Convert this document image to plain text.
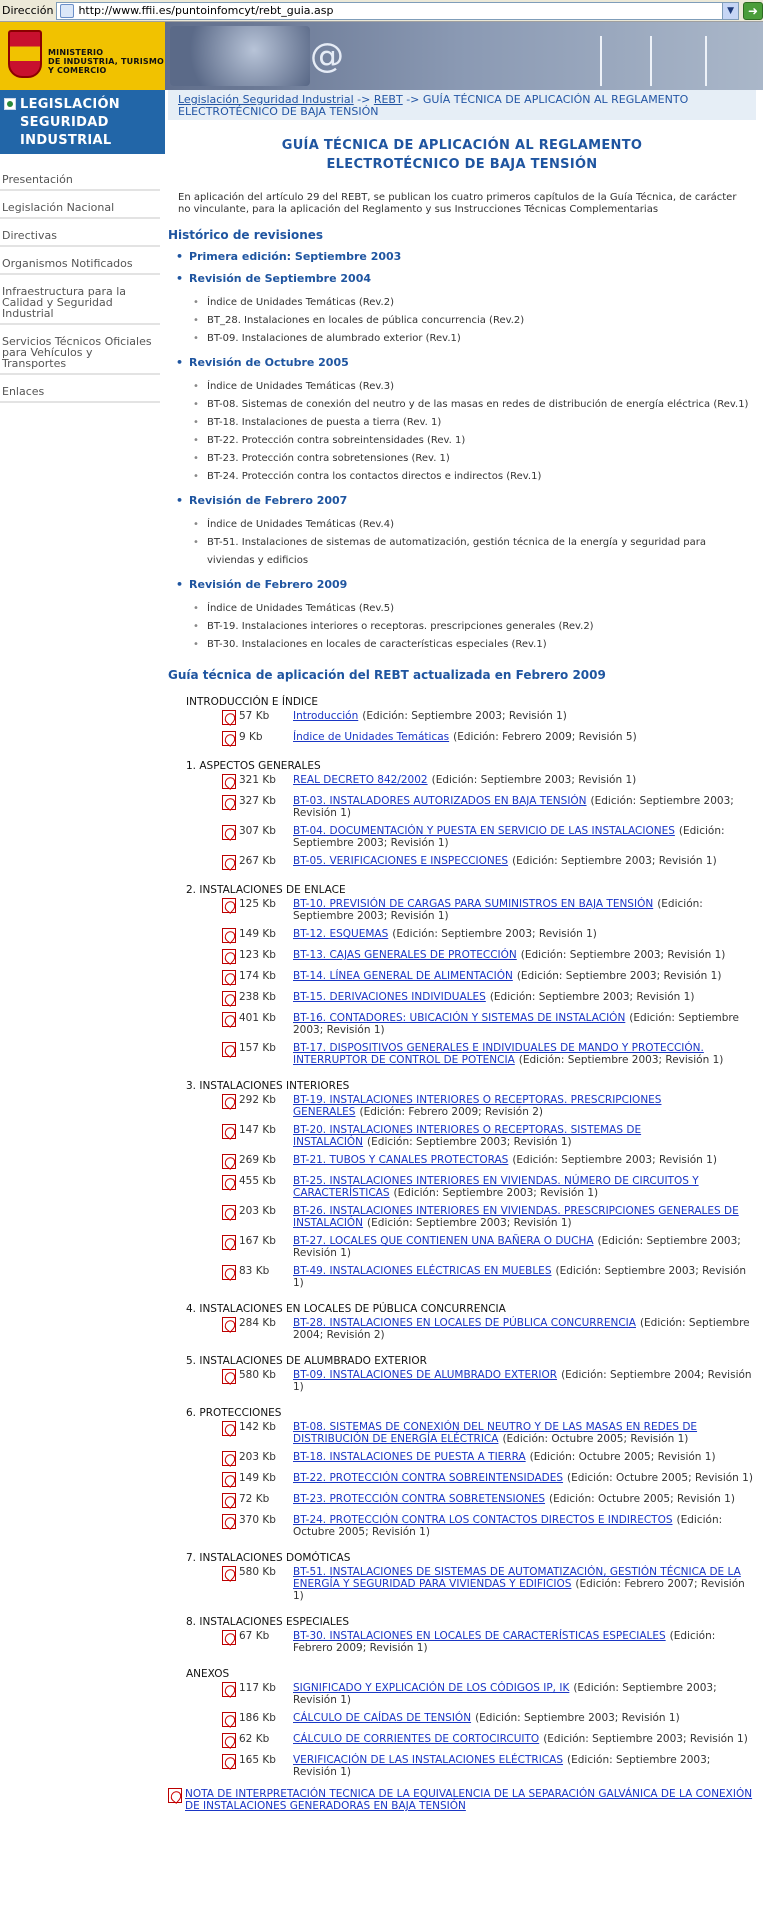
Dirección http://www.ffii.es/puntoinfomcyt/rebt_guia.asp	▼	➜
MINISTERIO
DE INDUSTRIA, TURISMO
Y COMERCIO	@
LEGISLACIÓN
SEGURIDAD
INDUSTRIAL
Presentación
Legislación Nacional
Directivas
Organismos Notificados
Infraestructura para la Calidad y Seguridad Industrial
Servicios Técnicos Oficiales para Vehículos y Transportes
Enlaces
Legislación Seguridad Industrial -> REBT -> GUÍA TÉCNICA DE APLICACIÓN AL REGLAMENTO ELECTROTÉCNICO DE BAJA TENSIÓN
GUÍA TÉCNICA DE APLICACIÓN AL REGLAMENTO
ELECTROTÉCNICO DE BAJA TENSIÓN

En aplicación del artículo 29 del REBT, se publican los cuatro primeros capítulos de la Guía Técnica, de carácter no vinculante, para la aplicación del Reglamento y sus Instrucciones Técnicas Complementarias

Histórico de revisiones
• Primera edición: Septiembre 2003
• Revisión de Septiembre 2004
• Índice de Unidades Temáticas (Rev.2)
• BT_28. Instalaciones en locales de pública concurrencia (Rev.2)
• BT-09. Instalaciones de alumbrado exterior (Rev.1)
• Revisión de Octubre 2005
• Índice de Unidades Temáticas (Rev.3)
• BT-08. Sistemas de conexión del neutro y de las masas en redes de distribución de energía eléctrica (Rev.1)
• BT-18. Instalaciones de puesta a tierra (Rev. 1)
• BT-22. Protección contra sobreintensidades (Rev. 1)
• BT-23. Protección contra sobretensiones (Rev. 1)
• BT-24. Protección contra los contactos directos e indirectos (Rev.1)
• Revisión de Febrero 2007
• Índice de Unidades Temáticas (Rev.4)
• BT-51. Instalaciones de sistemas de automatización, gestión técnica de la energía y seguridad para viviendas y edificios
• Revisión de Febrero 2009
• Índice de Unidades Temáticas (Rev.5)
• BT-19. Instalaciones interiores o receptoras. prescripciones generales (Rev.2)
• BT-30. Instalaciones en locales de características especiales (Rev.1)
Guía técnica de aplicación del REBT actualizada en Febrero 2009
INTRODUCCIÓN E ÍNDICE
57 Kb	Introducción (Edición: Septiembre 2003; Revisión 1)
9 Kb	Índice de Unidades Temáticas (Edición: Febrero 2009; Revisión 5)
1. ASPECTOS GENERALES
321 Kb	REAL DECRETO 842/2002 (Edición: Septiembre 2003; Revisión 1)
327 Kb	BT-03. INSTALADORES AUTORIZADOS EN BAJA TENSIÓN (Edición: Septiembre 2003; Revisión 1)
307 Kb	BT-04. DOCUMENTACIÓN Y PUESTA EN SERVICIO DE LAS INSTALACIONES (Edición: Septiembre 2003; Revisión 1)
267 Kb	BT-05. VERIFICACIONES E INSPECCIONES (Edición: Septiembre 2003; Revisión 1)
2. INSTALACIONES DE ENLACE
125 Kb	BT-10. PREVISIÓN DE CARGAS PARA SUMINISTROS EN BAJA TENSIÓN (Edición: Septiembre 2003; Revisión 1)
149 Kb	BT-12. ESQUEMAS (Edición: Septiembre 2003; Revisión 1)
123 Kb	BT-13. CAJAS GENERALES DE PROTECCIÓN (Edición: Septiembre 2003; Revisión 1)
174 Kb	BT-14. LÍNEA GENERAL DE ALIMENTACIÓN (Edición: Septiembre 2003; Revisión 1)
238 Kb	BT-15. DERIVACIONES INDIVIDUALES (Edición: Septiembre 2003; Revisión 1)
401 Kb	BT-16. CONTADORES: UBICACIÓN Y SISTEMAS DE INSTALACIÓN (Edición: Septiembre 2003; Revisión 1)
157 Kb	BT-17. DISPOSITIVOS GENERALES E INDIVIDUALES DE MANDO Y PROTECCIÓN. INTERRUPTOR DE CONTROL DE POTENCIA (Edición: Septiembre 2003; Revisión 1)
3. INSTALACIONES INTERIORES
292 Kb	BT-19. INSTALACIONES INTERIORES O RECEPTORAS. PRESCRIPCIONES GENERALES (Edición: Febrero 2009; Revisión 2)
147 Kb	BT-20. INSTALACIONES INTERIORES O RECEPTORAS. SISTEMAS DE INSTALACIÓN (Edición: Septiembre 2003; Revisión 1)
269 Kb	BT-21. TUBOS Y CANALES PROTECTORAS (Edición: Septiembre 2003; Revisión 1)
455 Kb	BT-25. INSTALACIONES INTERIORES EN VIVIENDAS. NÚMERO DE CIRCUITOS Y CARACTERÍSTICAS (Edición: Septiembre 2003; Revisión 1)
203 Kb	BT-26. INSTALACIONES INTERIORES EN VIVIENDAS. PRESCRIPCIONES GENERALES DE INSTALACIÓN (Edición: Septiembre 2003; Revisión 1)
167 Kb	BT-27. LOCALES QUE CONTIENEN UNA BAÑERA O DUCHA (Edición: Septiembre 2003; Revisión 1)
83 Kb	BT-49. INSTALACIONES ELÉCTRICAS EN MUEBLES (Edición: Septiembre 2003; Revisión 1)
4. INSTALACIONES EN LOCALES DE PÚBLICA CONCURRENCIA
284 Kb	BT-28. INSTALACIONES EN LOCALES DE PÚBLICA CONCURRENCIA (Edición: Septiembre 2004; Revisión 2)
5. INSTALACIONES DE ALUMBRADO EXTERIOR
580 Kb	BT-09. INSTALACIONES DE ALUMBRADO EXTERIOR (Edición: Septiembre 2004; Revisión 1)
6. PROTECCIONES
142 Kb	BT-08. SISTEMAS DE CONEXIÓN DEL NEUTRO Y DE LAS MASAS EN REDES DE DISTRIBUCIÓN DE ENERGÍA ELÉCTRICA (Edición: Octubre 2005; Revisión 1)
203 Kb	BT-18. INSTALACIONES DE PUESTA A TIERRA (Edición: Octubre 2005; Revisión 1)
149 Kb	BT-22. PROTECCIÓN CONTRA SOBREINTENSIDADES (Edición: Octubre 2005; Revisión 1)
72 Kb	BT-23. PROTECCIÓN CONTRA SOBRETENSIONES (Edición: Octubre 2005; Revisión 1)
370 Kb	BT-24. PROTECCIÓN CONTRA LOS CONTACTOS DIRECTOS E INDIRECTOS (Edición: Octubre 2005; Revisión 1)
7. INSTALACIONES DOMÓTICAS
580 Kb	BT-51. INSTALACIONES DE SISTEMAS DE AUTOMATIZACIÓN, GESTIÓN TÉCNICA DE LA ENERGÍA Y SEGURIDAD PARA VIVIENDAS Y EDIFICIOS (Edición: Febrero 2007; Revisión 1)
8. INSTALACIONES ESPECIALES
67 Kb	BT-30. INSTALACIONES EN LOCALES DE CARACTERÍSTICAS ESPECIALES (Edición: Febrero 2009; Revisión 1)
ANEXOS
117 Kb	SIGNIFICADO Y EXPLICACIÓN DE LOS CÓDIGOS IP, IK (Edición: Septiembre 2003; Revisión 1)
186 Kb	CÁLCULO DE CAÍDAS DE TENSIÓN (Edición: Septiembre 2003; Revisión 1)
62 Kb	CÁLCULO DE CORRIENTES DE CORTOCIRCUITO (Edición: Septiembre 2003; Revisión 1)
165 Kb	VERIFICACIÓN DE LAS INSTALACIONES ELÉCTRICAS (Edición: Septiembre 2003; Revisión 1)
NOTA DE INTERPRETACIÓN TECNICA DE LA EQUIVALENCIA DE LA SEPARACIÓN GALVÁNICA DE LA CONEXIÓN DE INSTALACIONES GENERADORAS EN BAJA TENSIÓN
